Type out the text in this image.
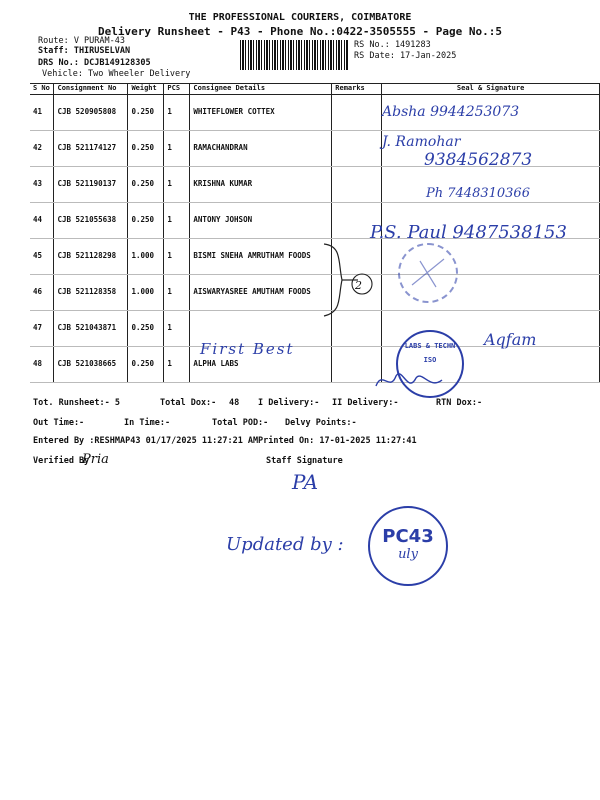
THE PROFESSIONAL COURIERS, COIMBATORE
Delivery Runsheet - P43 - Phone No.:0422-3505555 - Page No.:5
Route: V PURAM-43
Staff: THIRUSELVAN
DRS No.: DCJB149128305
Vehicle: Two Wheeler Delivery
RS No.: 1491283
RS Date: 17-Jan-2025
S No	Consignment No	Weight	PCS	Consignee Details	Remarks	Seal & Signature
41	CJB 520905808	0.250	1	WHITEFLOWER COTTEX		
42	CJB 521174127	0.250	1	RAMACHANDRAN		
43	CJB 521190137	0.250	1	KRISHNA KUMAR		
44	CJB 521055638	0.250	1	ANTONY JOHSON		
45	CJB 521128298	1.000	1	BISMI SNEHA AMRUTHAM FOODS		
46	CJB 521128358	1.000	1	AISWARYASREE AMUTHAM FOODS		
47	CJB 521043871	0.250	1			
48	CJB 521038665	0.250	1	ALPHA LABS		
Absha 9944253073
J. Ramohar
9384562873
Ph 7448310366
P.S. Paul 9487538153
2
First Best	Aqfam
LABS & TECHN
ISO
Tot. Runsheet:- 5	Total Dox:- 48 I Delivery:- II Delivery:-	RTN Dox:-
Out Time:-	In Time:-	Total POD:- Delvy Points:-
Entered By :RESHMAP43 01/17/2025 11:27:21 AM Printed On: 17-01-2025 11:27:41
Verified By
Pria	Staff Signature
PA
Updated by :	PC43
uly
